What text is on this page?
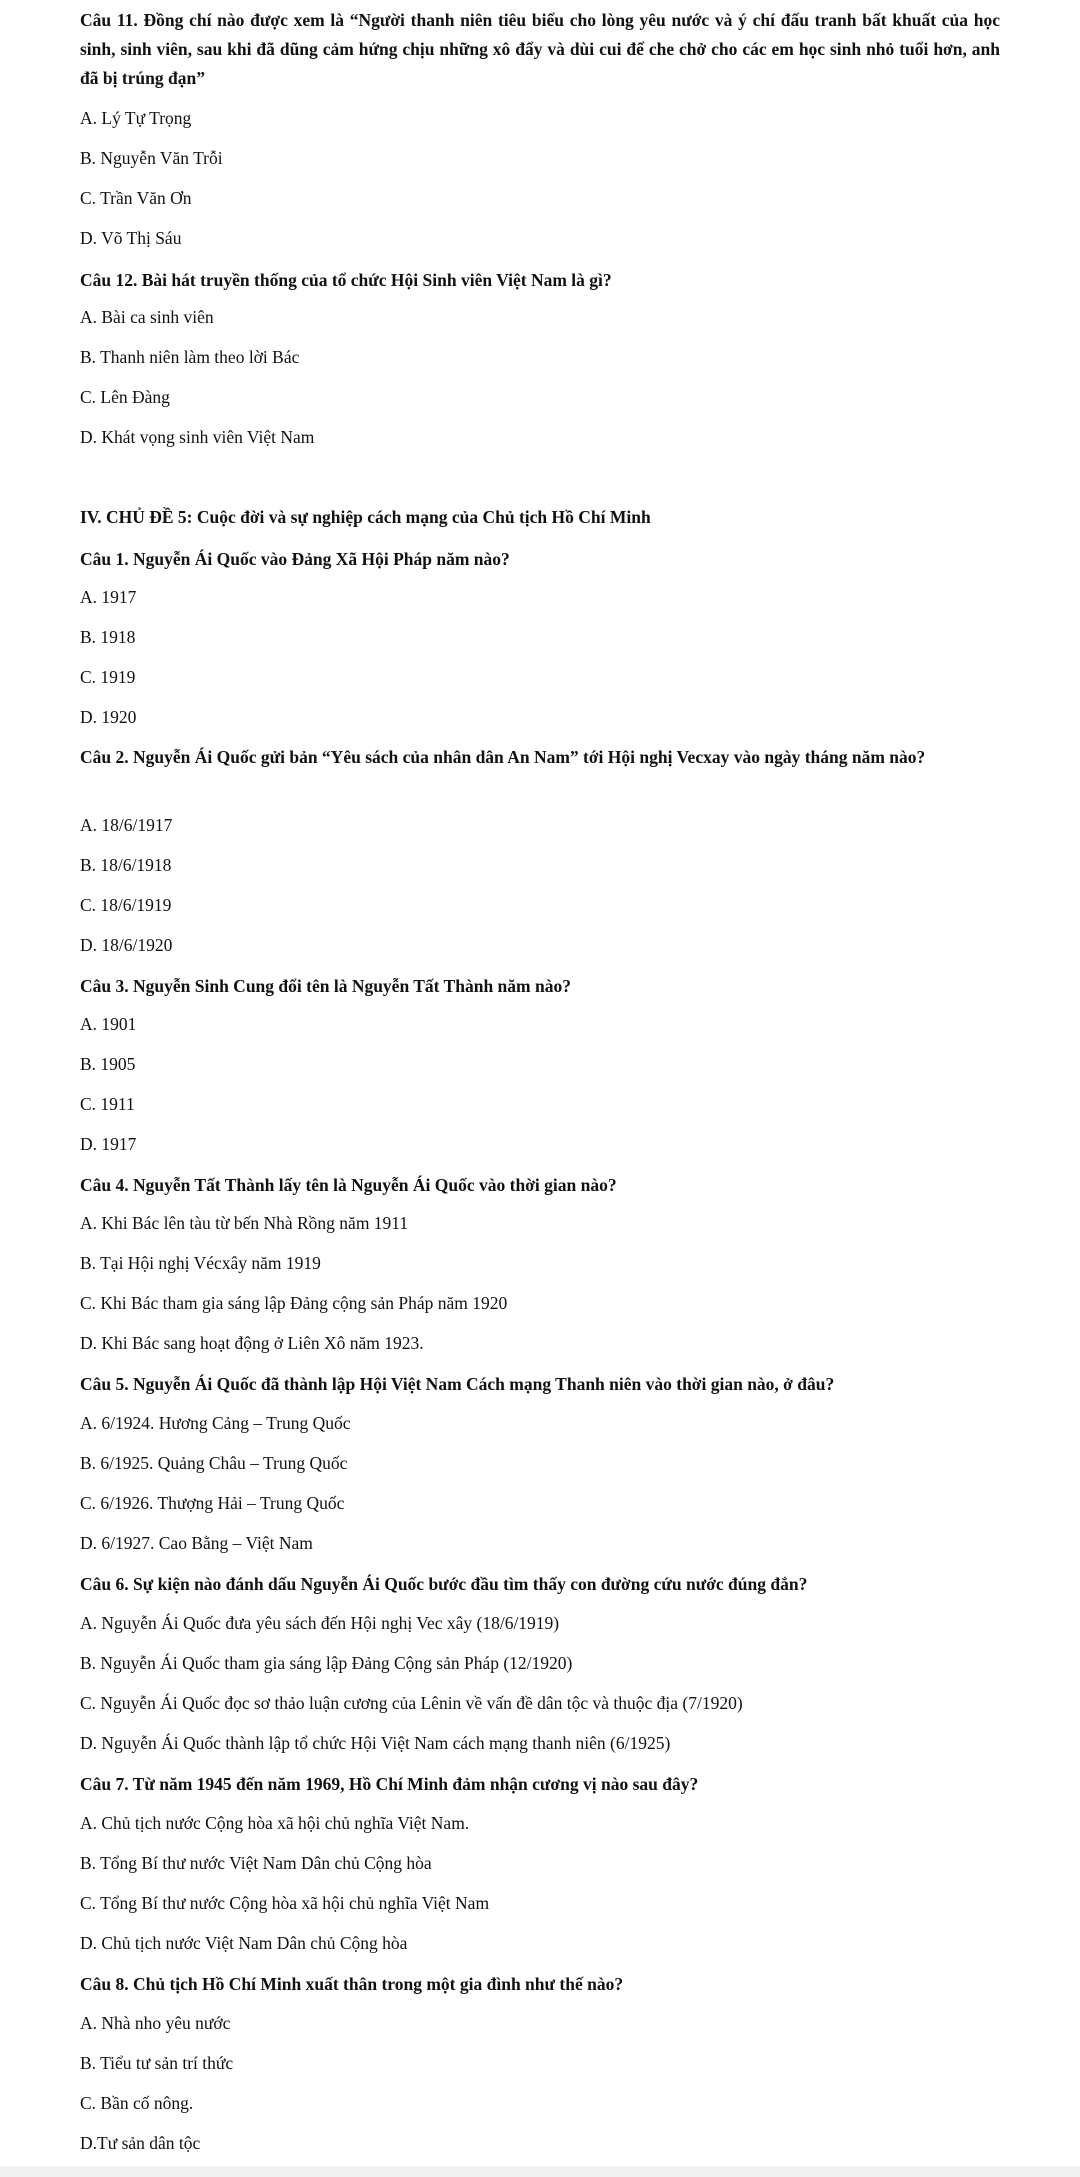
Câu 11. Đồng chí nào được xem là “Người thanh niên tiêu biểu cho lòng yêu nước và ý chí đấu tranh bất khuất của học sinh, sinh viên, sau khi đã dũng cảm hứng chịu những xô đẩy và dùi cui để che chở cho các em học sinh nhỏ tuổi hơn, anh đã bị trúng đạn”

A. Lý Tự Trọng

B. Nguyễn Văn Trỗi

C. Trần Văn Ơn

D. Võ Thị Sáu

Câu 12. Bài hát truyền thống của tổ chức Hội Sinh viên Việt Nam là gì?

A. Bài ca sinh viên

B. Thanh niên làm theo lời Bác

C. Lên Đàng

D. Khát vọng sinh viên Việt Nam

IV. CHỦ ĐỀ 5: Cuộc đời và sự nghiệp cách mạng của Chủ tịch Hồ Chí Minh

Câu 1. Nguyễn Ái Quốc vào Đảng Xã Hội Pháp năm nào?

A. 1917

B. 1918

C. 1919

D. 1920

Câu 2. Nguyễn Ái Quốc gửi bản “Yêu sách của nhân dân An Nam” tới Hội nghị Vecxay vào ngày tháng năm nào?

A. 18/6/1917

B. 18/6/1918

C. 18/6/1919

D. 18/6/1920

Câu 3. Nguyễn Sinh Cung đổi tên là Nguyễn Tất Thành năm nào?

A. 1901

B. 1905

C. 1911

D. 1917

Câu 4. Nguyễn Tất Thành lấy tên là Nguyễn Ái Quốc vào thời gian nào?

A. Khi Bác lên tàu từ bến Nhà Rồng năm 1911

B. Tại Hội nghị Vécxây năm 1919

C. Khi Bác tham gia sáng lập Đảng cộng sản Pháp năm 1920

D. Khi Bác sang hoạt động ở Liên Xô năm 1923.

Câu 5. Nguyễn Ái Quốc đã thành lập Hội Việt Nam Cách mạng Thanh niên vào thời gian nào, ở đâu?

A. 6/1924. Hương Cảng – Trung Quốc

B. 6/1925. Quảng Châu – Trung Quốc

C. 6/1926. Thượng Hải – Trung Quốc

D. 6/1927. Cao Bằng – Việt Nam

Câu 6. Sự kiện nào đánh dấu Nguyễn Ái Quốc bước đầu tìm thấy con đường cứu nước đúng đắn?

A. Nguyễn Ái Quốc đưa yêu sách đến Hội nghị Vec xây (18/6/1919)

B. Nguyễn Ái Quốc tham gia sáng lập Đảng Cộng sản Pháp (12/1920)

C. Nguyễn Ái Quốc đọc sơ thảo luận cương của Lênin về vấn đề dân tộc và thuộc địa (7/1920)

D. Nguyễn Ái Quốc thành lập tổ chức Hội Việt Nam cách mạng thanh niên (6/1925)

Câu 7. Từ năm 1945 đến năm 1969, Hồ Chí Minh đảm nhận cương vị nào sau đây?

A. Chủ tịch nước Cộng hòa xã hội chủ nghĩa Việt Nam.

B. Tổng Bí thư nước Việt Nam Dân chủ Cộng hòa

C. Tổng Bí thư nước Cộng hòa xã hội chủ nghĩa Việt Nam

D. Chủ tịch nước Việt Nam Dân chủ Cộng hòa

Câu 8. Chủ tịch Hồ Chí Minh xuất thân trong một gia đình như thế nào?

A. Nhà nho yêu nước

B. Tiểu tư sản trí thức

C. Bần cố nông.

D.Tư sản dân tộc
